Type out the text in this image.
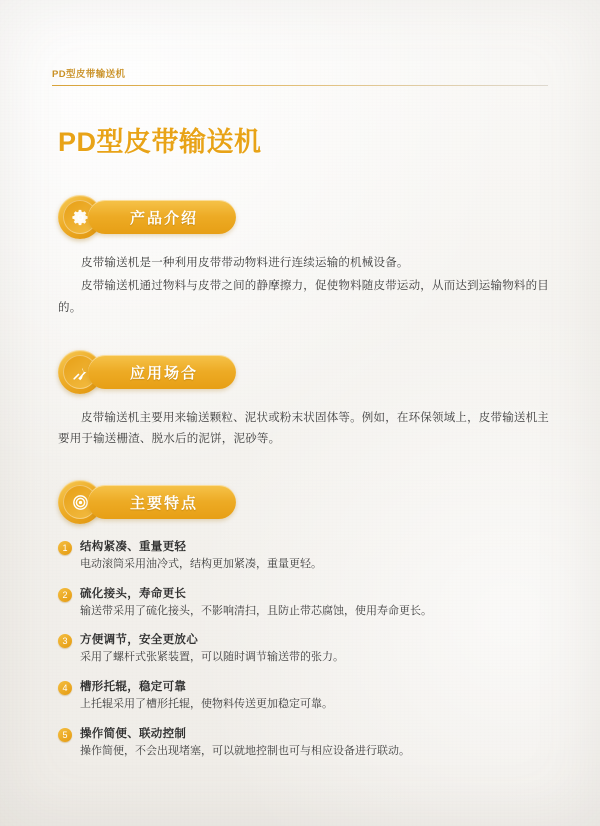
PD型皮带输送机
PD型皮带输送机
产品介绍

皮带输送机是一种利用皮带带动物料进行连续运输的机械设备。

皮带输送机通过物料与皮带之间的静摩擦力，促使物料随皮带运动，从而达到运输物料的目的。

应用场合

皮带输送机主要用来输送颗粒、泥状或粉末状固体等。例如，在环保领域上，皮带输送机主要用于输送栅渣、脱水后的泥饼，泥砂等。

主要特点
1	结构紧凑、重量更轻
电动滚筒采用油冷式，结构更加紧凑，重量更轻。
2	硫化接头，寿命更长
输送带采用了硫化接头，不影响清扫，且防止带芯腐蚀，使用寿命更长。
3	方便调节，安全更放心
采用了螺杆式张紧装置，可以随时调节输送带的张力。
4	槽形托辊，稳定可靠
上托辊采用了槽形托辊，使物料传送更加稳定可靠。
5	操作简便、联动控制
操作简便，不会出现堵塞，可以就地控制也可与相应设备进行联动。
